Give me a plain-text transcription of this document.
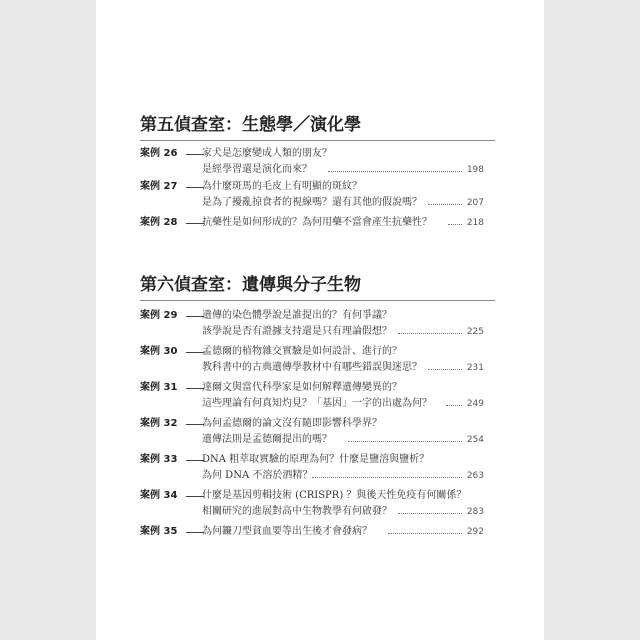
第五偵查室：生態學／演化學
案例 26 家犬是怎麼變成人類的朋友？
是經學習還是演化而來？	198
案例 27 為什麼斑馬的毛皮上有明顯的斑紋？
是為了擾亂掠食者的視線嗎？還有其他的假說嗎？	207
案例 28 抗藥性是如何形成的？為何用藥不當會產生抗藥性？	218
第六偵查室：遺傳與分子生物
案例 29 遺傳的染色體學說是誰提出的？有何爭議？
該學說是否有證據支持還是只有理論假想？	225
案例 30 孟德爾的植物雜交實驗是如何設計、進行的？
教科書中的古典遺傳學教材中有哪些錯誤與迷思？	231
案例 31 達爾文與當代科學家是如何解釋遺傳變異的？
這些理論有何真知灼見？「基因」一字的出處為何？	249
案例 32 為何孟德爾的論文沒有隨即影響科學界？
遺傳法則是孟德爾提出的嗎？	254
案例 33 DNA 粗萃取實驗的原理為何？什麼是鹽溶與鹽析？
為何 DNA 不溶於酒精？	263
案例 34 什麼是基因剪輯技術 (CRISPR) ？與後天性免疫有何關係？
相關研究的進展對高中生物教學有何啟發？	283
案例 35 為何鐮刀型貧血要等出生後才會發病？	292
